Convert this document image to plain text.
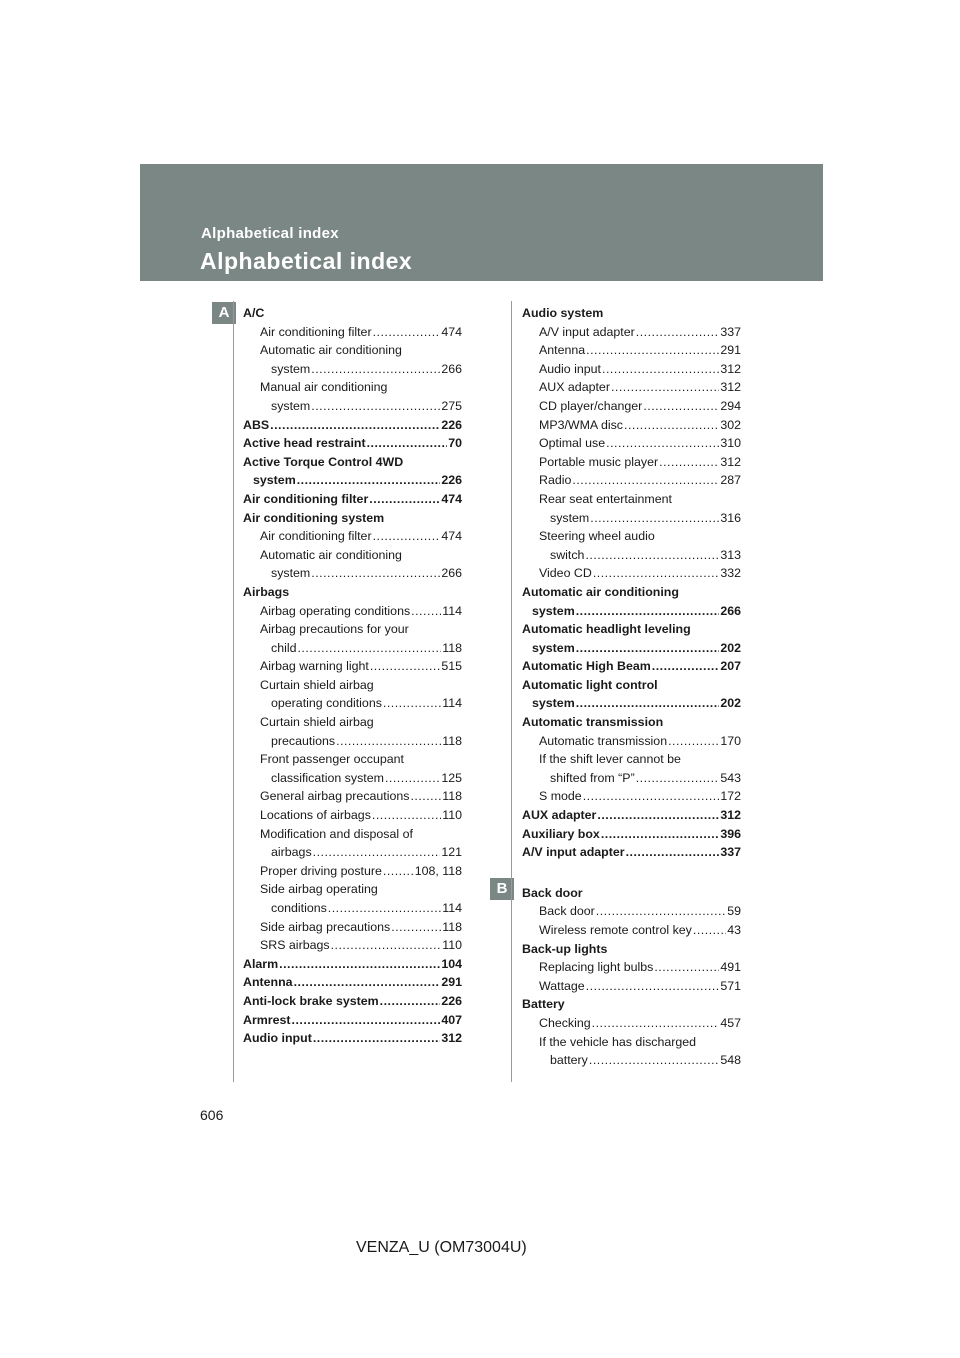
Alphabetical index
Alphabetical index
A
B
A/C
Air conditioning filter .....	474
Automatic air conditioning
system .....	266
Manual air conditioning
system .....	275
ABS .....	226
Active head restraint .....	70
Active Torque Control 4WD
system .....	226
Air conditioning filter .....	474
Air conditioning system
Air conditioning filter .....	474
Automatic air conditioning
system .....	266
Airbags
Airbag operating conditions .....	114
Airbag precautions for your
child .....	118
Airbag warning light .....	515
Curtain shield airbag
operating conditions .....	114
Curtain shield airbag
precautions .....	118
Front passenger occupant
classification system .....	125
General airbag precautions .....	118
Locations of airbags .....	110
Modification and disposal of
airbags .....	121
Proper driving posture .....	108, 118
Side airbag operating
conditions .....	114
Side airbag precautions .....	118
SRS airbags .....	110
Alarm .....	104
Antenna .....	291
Anti-lock brake system .....	226
Armrest .....	407
Audio input .....	312
Audio system
A/V input adapter .....	337
Antenna .....	291
Audio input .....	312
AUX adapter .....	312
CD player/changer .....	294
MP3/WMA disc .....	302
Optimal use .....	310
Portable music player .....	312
Radio .....	287
Rear seat entertainment
system .....	316
Steering wheel audio
switch .....	313
Video CD .....	332
Automatic air conditioning
system .....	266
Automatic headlight leveling
system .....	202
Automatic High Beam .....	207
Automatic light control
system .....	202
Automatic transmission
Automatic transmission .....	170
If the shift lever cannot be
shifted from “P” .....	543
S mode .....	172
AUX adapter .....	312
Auxiliary box .....	396
A/V input adapter .....	337
Back door
Back door .....	59
Wireless remote control key .....	43
Back-up lights
Replacing light bulbs .....	491
Wattage .....	571
Battery
Checking .....	457
If the vehicle has discharged
battery .....	548
606
VENZA_U (OM73004U)
